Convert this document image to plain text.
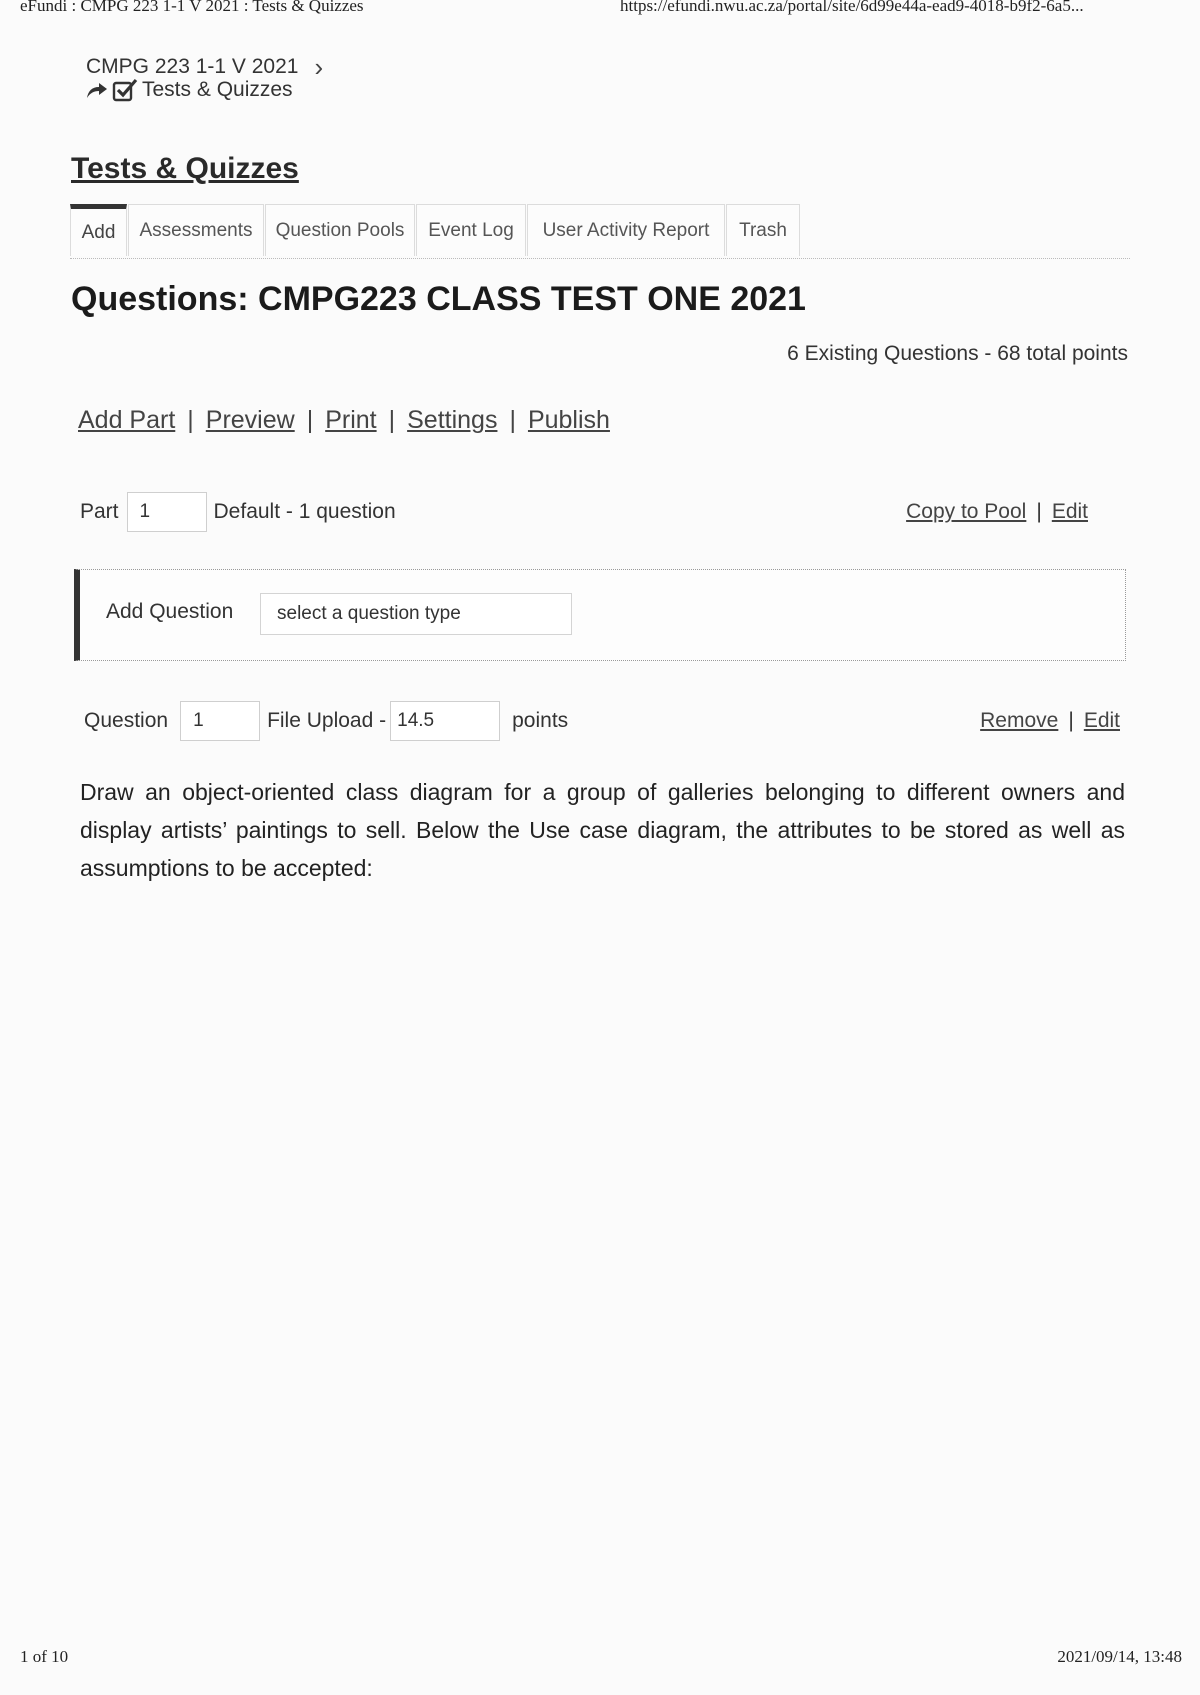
eFundi : CMPG 223 1-1 V 2021 : Tests & Quizzes	https://efundi.nwu.ac.za/portal/site/6d99e44a-ead9-4018-b9f2-6a5...
CMPG 223 1-1 V 2021 ›
Tests & Quizzes
Tests & Quizzes
Add	Assessments	Question Pools	Event Log	User Activity Report	Trash
Questions: CMPG223 CLASS TEST ONE 2021
6 Existing Questions - 68 total points
Add Part | Preview | Print | Settings | Publish
Part
1	Default - 1 question	Copy to Pool | Edit
Add Question	select a question type
Question
1	File Upload -
14.5	points	Remove | Edit
Draw an object-oriented class diagram for a group of galleries belonging to different owners and display artists’ paintings to sell. Below the Use case diagram, the attributes to be stored as well as assumptions to be accepted:
1 of 10	2021/09/14, 13:48
